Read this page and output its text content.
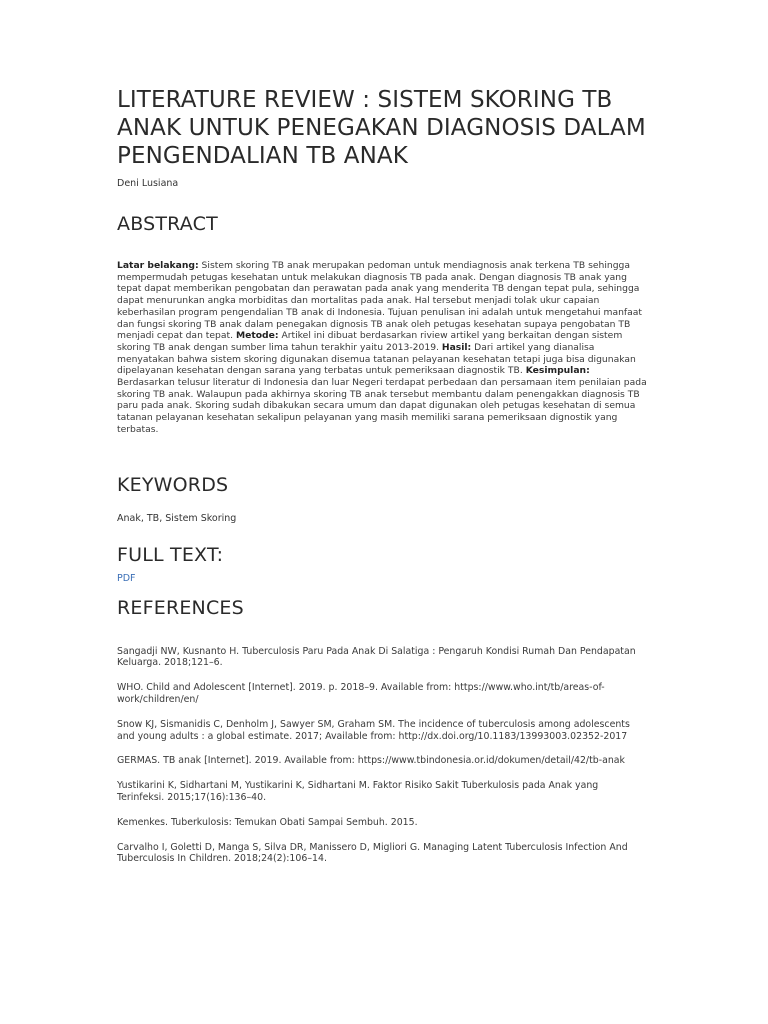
LITERATURE REVIEW : SISTEM SKORING TB ANAK UNTUK PENEGAKAN DIAGNOSIS DALAM PENGENDALIAN TB ANAK
Deni Lusiana
ABSTRACT
Latar belakang: Sistem skoring TB anak merupakan pedoman untuk mendiagnosis anak terkena TB sehingga mempermudah petugas kesehatan untuk melakukan diagnosis TB pada anak. Dengan diagnosis TB anak yang tepat dapat memberikan pengobatan dan perawatan pada anak yang menderita TB dengan tepat pula, sehingga dapat menurunkan angka morbiditas dan mortalitas pada anak. Hal tersebut menjadi tolak ukur capaian keberhasilan program pengendalian TB anak di Indonesia. Tujuan penulisan ini adalah untuk mengetahui manfaat dan fungsi skoring TB anak dalam penegakan dignosis TB anak oleh petugas kesehatan supaya pengobatan TB menjadi cepat dan tepat. Metode: Artikel ini dibuat berdasarkan riview artikel yang berkaitan dengan sistem skoring TB anak dengan sumber lima tahun terakhir yaitu 2013-2019. Hasil: Dari artikel yang dianalisa menyatakan bahwa sistem skoring digunakan disemua tatanan pelayanan kesehatan tetapi juga bisa digunakan dipelayanan kesehatan dengan sarana yang terbatas untuk pemeriksaan diagnostik TB. Kesimpulan: Berdasarkan telusur literatur di Indonesia dan luar Negeri terdapat perbedaan dan persamaan item penilaian pada skoring TB anak. Walaupun pada akhirnya skoring TB anak tersebut membantu dalam penengakkan diagnosis TB paru pada anak. Skoring sudah dibakukan secara umum dan dapat digunakan oleh petugas kesehatan di semua tatanan pelayanan kesehatan sekalipun pelayanan yang masih memiliki sarana pemeriksaan dignostik yang terbatas.
KEYWORDS
Anak, TB, Sistem Skoring
FULL TEXT:
PDF
REFERENCES
Sangadji NW, Kusnanto H. Tuberculosis Paru Pada Anak Di Salatiga : Pengaruh Kondisi Rumah Dan Pendapatan Keluarga. 2018;121–6.
WHO. Child and Adolescent [Internet]. 2019. p. 2018–9. Available from: https://www.who.int/tb/areas-of-work/children/en/
Snow KJ, Sismanidis C, Denholm J, Sawyer SM, Graham SM. The incidence of tuberculosis among adolescents and young adults : a global estimate. 2017; Available from: http://dx.doi.org/10.1183/13993003.02352-2017
GERMAS. TB anak [Internet]. 2019. Available from: https://www.tbindonesia.or.id/dokumen/detail/42/tb-anak
Yustikarini K, Sidhartani M, Yustikarini K, Sidhartani M. Faktor Risiko Sakit Tuberkulosis pada Anak yang Terinfeksi. 2015;17(16):136–40.
Kemenkes. Tuberkulosis: Temukan Obati Sampai Sembuh. 2015.
Carvalho I, Goletti D, Manga S, Silva DR, Manissero D, Migliori G. Managing Latent Tuberculosis Infection And Tuberculosis In Children. 2018;24(2):106–14.
